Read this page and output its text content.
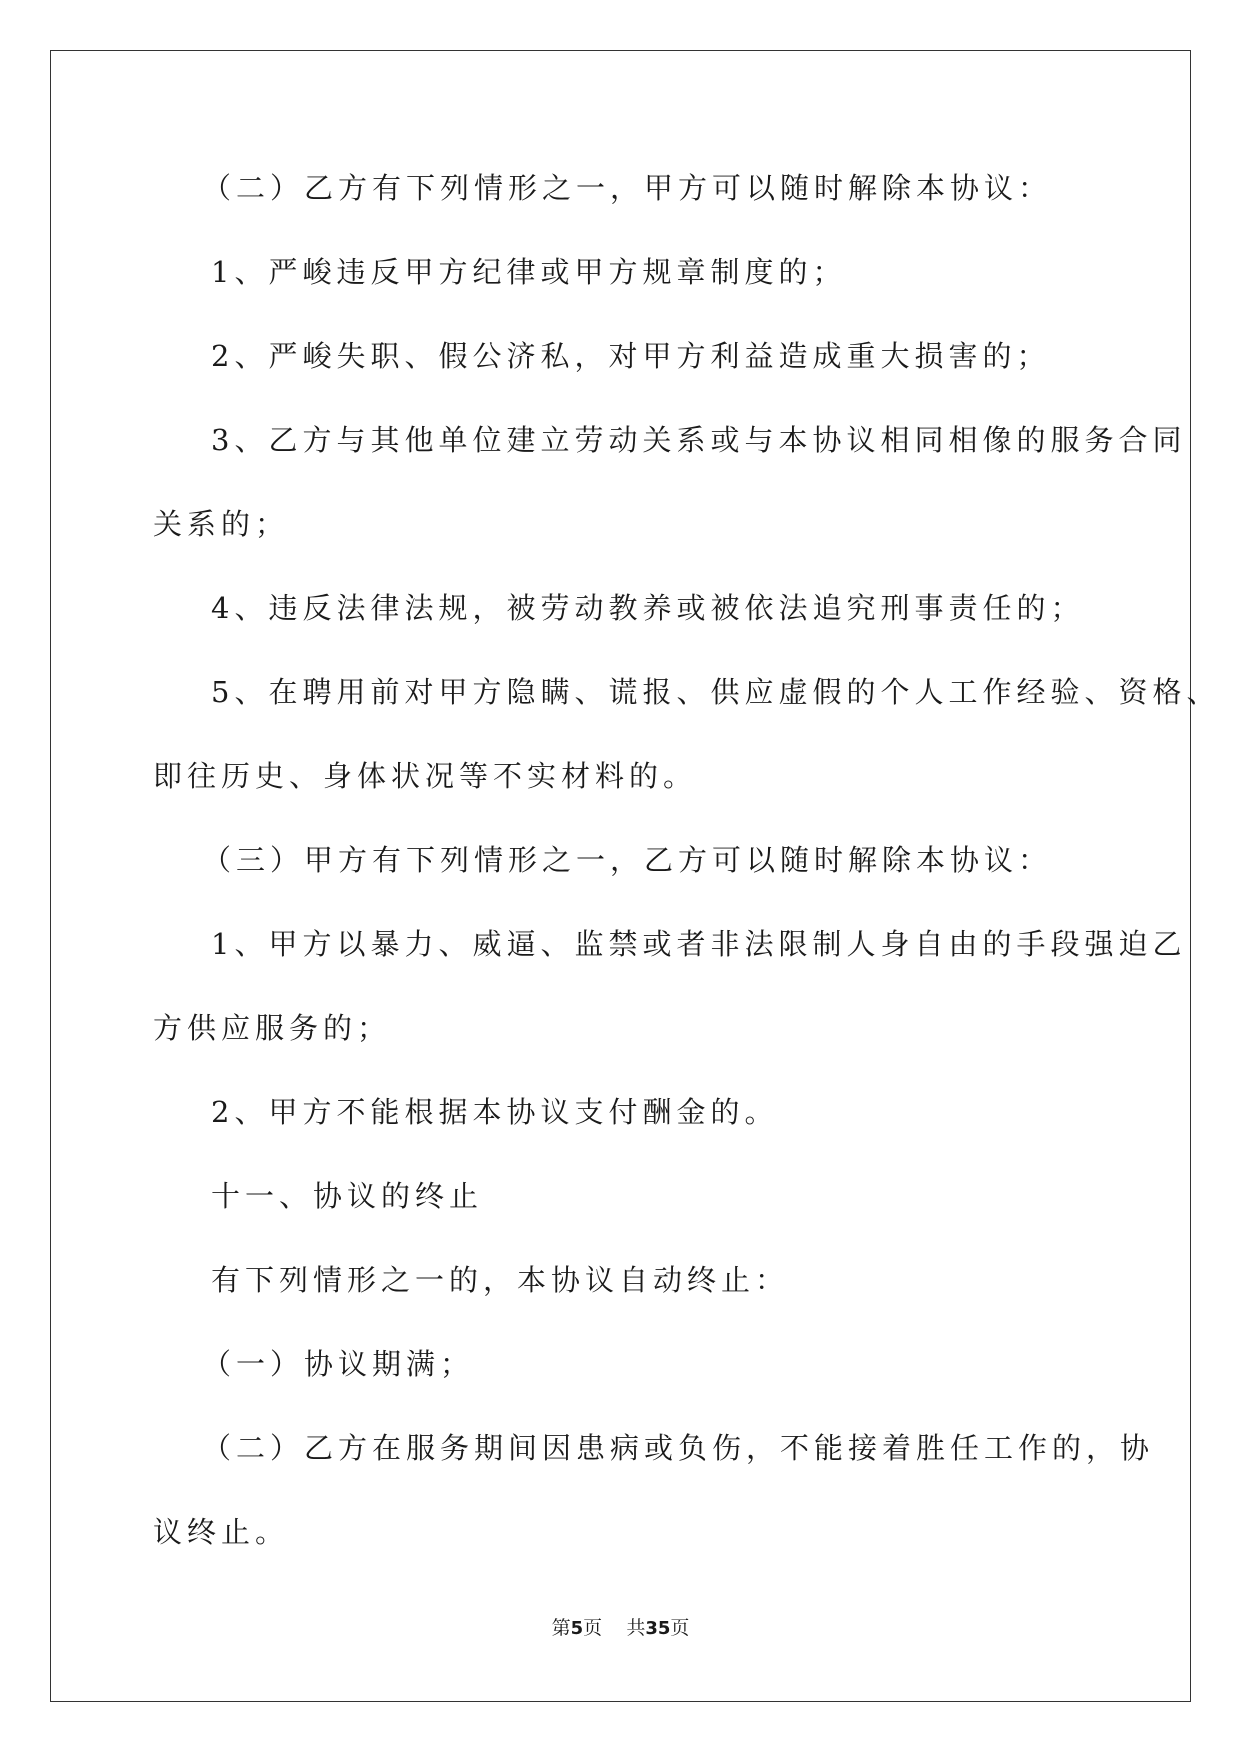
（二）乙方有下列情形之一，甲方可以随时解除本协议：
1、严峻违反甲方纪律或甲方规章制度的；
2、严峻失职、假公济私，对甲方利益造成重大损害的；
3、乙方与其他单位建立劳动关系或与本协议相同相像的服务合同
关系的；
4、违反法律法规，被劳动教养或被依法追究刑事责任的；
5、在聘用前对甲方隐瞒、谎报、供应虚假的个人工作经验、资格、
即往历史、身体状况等不实材料的。
（三）甲方有下列情形之一，乙方可以随时解除本协议：
1、甲方以暴力、威逼、监禁或者非法限制人身自由的手段强迫乙
方供应服务的；
2、甲方不能根据本协议支付酬金的。
十一、协议的终止
有下列情形之一的，本协议自动终止：
（一）协议期满；
（二）乙方在服务期间因患病或负伤，不能接着胜任工作的，协
议终止。
第5页 共35页
